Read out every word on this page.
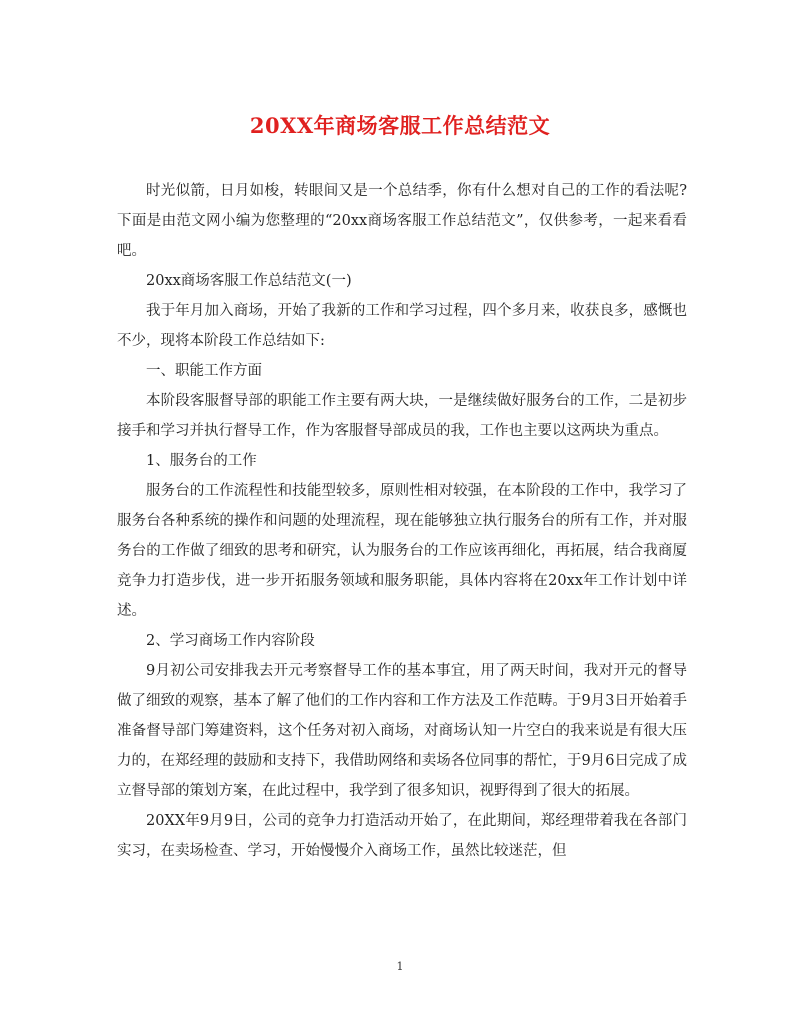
20XX年商场客服工作总结范文

时光似箭，日月如梭，转眼间又是一个总结季，你有什么想对自己的工作的看法呢?下面是由范文网小编为您整理的“20xx商场客服工作总结范文”，仅供参考，一起来看看吧。

20xx商场客服工作总结范文(一)

我于年月加入商场，开始了我新的工作和学习过程，四个多月来，收获良多，感慨也不少，现将本阶段工作总结如下:

一、职能工作方面

本阶段客服督导部的职能工作主要有两大块，一是继续做好服务台的工作，二是初步接手和学习并执行督导工作，作为客服督导部成员的我，工作也主要以这两块为重点。

1、服务台的工作

服务台的工作流程性和技能型较多，原则性相对较强，在本阶段的工作中，我学习了服务台各种系统的操作和问题的处理流程，现在能够独立执行服务台的所有工作，并对服务台的工作做了细致的思考和研究，认为服务台的工作应该再细化，再拓展，结合我商厦竞争力打造步伐，进一步开拓服务领域和服务职能，具体内容将在20xx年工作计划中详述。

2、学习商场工作内容阶段

9月初公司安排我去开元考察督导工作的基本事宜，用了两天时间，我对开元的督导做了细致的观察，基本了解了他们的工作内容和工作方法及工作范畴。于9月3日开始着手准备督导部门筹建资料，这个任务对初入商场，对商场认知一片空白的我来说是有很大压力的，在郑经理的鼓励和支持下，我借助网络和卖场各位同事的帮忙，于9月6日完成了成立督导部的策划方案，在此过程中，我学到了很多知识，视野得到了很大的拓展。

20XX年9月9日，公司的竞争力打造活动开始了，在此期间，郑经理带着我在各部门实习，在卖场检查、学习，开始慢慢介入商场工作，虽然比较迷茫，但

1
